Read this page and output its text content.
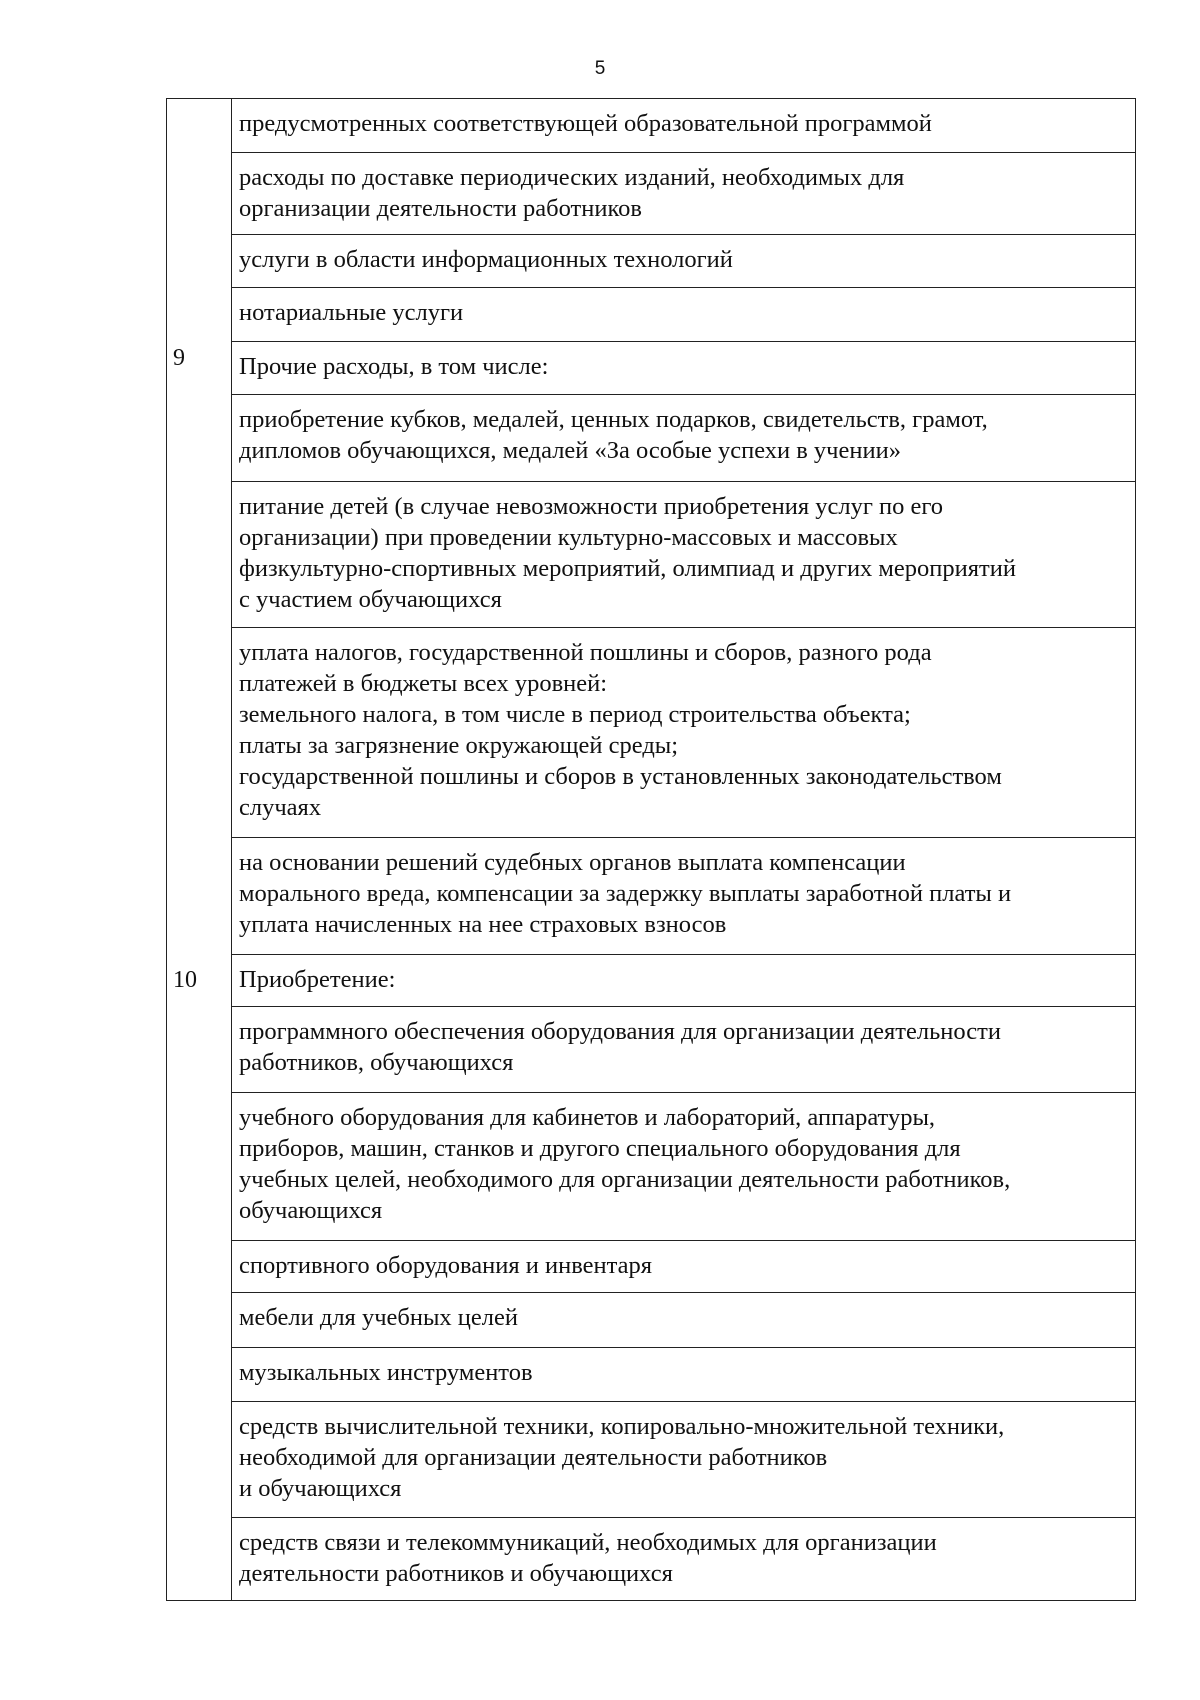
5
9
10
предусмотренных соответствующей образовательной программой
расходы по доставке периодических изданий, необходимых для
организации деятельности работников
услуги в области информационных технологий
нотариальные услуги
Прочие расходы, в том числе:
приобретение кубков, медалей, ценных подарков, свидетельств, грамот,
дипломов обучающихся, медалей «За особые успехи в учении»
питание детей (в случае невозможности приобретения услуг по его
организации) при проведении культурно-массовых и массовых
физкультурно-спортивных мероприятий, олимпиад и других мероприятий
с участием обучающихся
уплата налогов, государственной пошлины и сборов, разного рода
платежей в бюджеты всех уровней:
земельного налога, в том числе в период строительства объекта;
платы за загрязнение окружающей среды;
государственной пошлины и сборов в установленных законодательством
случаях
на основании решений судебных органов выплата компенсации
морального вреда, компенсации за задержку выплаты заработной платы и
уплата начисленных на нее страховых взносов
Приобретение:
программного обеспечения оборудования для организации деятельности
работников, обучающихся
учебного оборудования для кабинетов и лабораторий, аппаратуры,
приборов, машин, станков и другого специального оборудования для
учебных целей, необходимого для организации деятельности работников,
обучающихся
спортивного оборудования и инвентаря
мебели для учебных целей
музыкальных инструментов
средств вычислительной техники, копировально-множительной техники,
необходимой для организации деятельности работников
и обучающихся
средств связи и телекоммуникаций, необходимых для организации
деятельности работников и обучающихся
